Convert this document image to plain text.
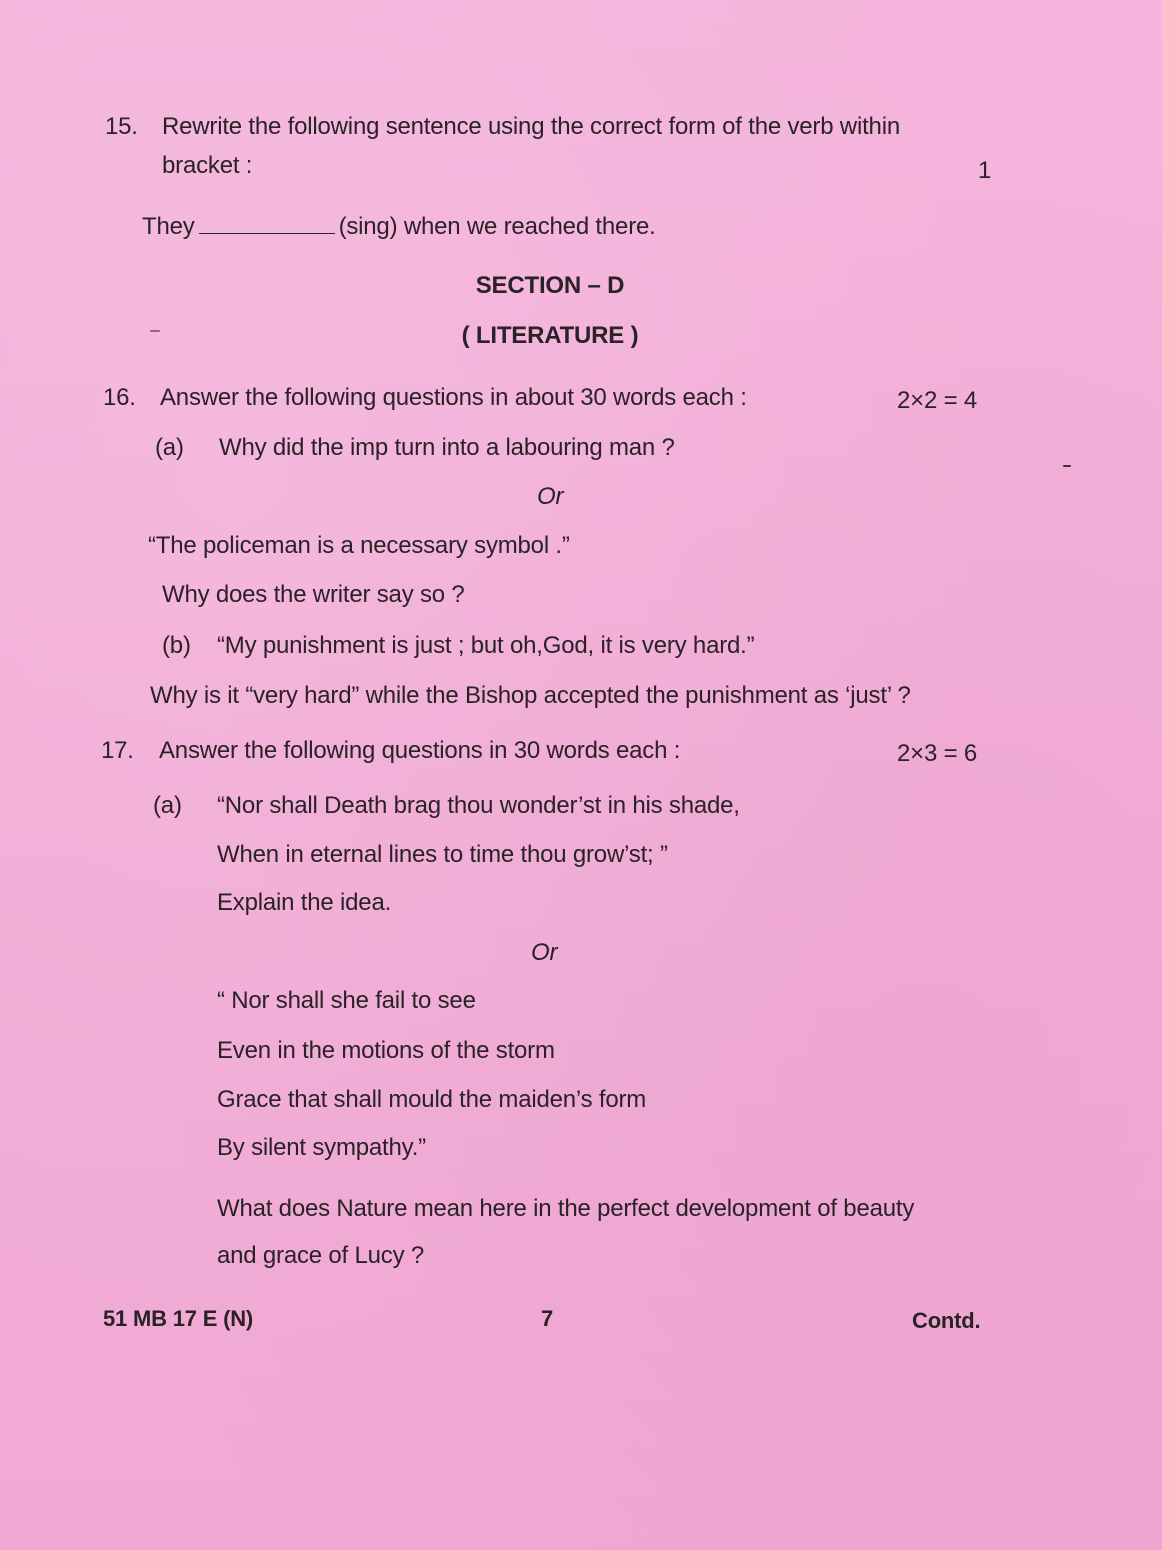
15. Rewrite the following sentence using the correct form of the verb within
bracket :	1
They	(sing) when we reached there.
SECTION – D
( LITERATURE )
16. Answer the following questions in about 30 words each :	2×2 = 4
(a) Why did the imp turn into a labouring man ?
Or
“The policeman is a necessary symbol .”
Why does the writer say so ?
(b) “My punishment is just ; but oh,God, it is very hard.”
Why is it “very hard” while the Bishop accepted the punishment as ‘just’ ?
17. Answer the following questions in 30 words each :	2×3 = 6
(a) “Nor shall Death brag thou wonder’st in his shade,
When in eternal lines to time thou grow’st; ”
Explain the idea.
Or
“ Nor shall she fail to see
Even in the motions of the storm
Grace that shall mould the maiden’s form
By silent sympathy.”
What does Nature mean here in the perfect development of beauty
and grace of Lucy ?
51 MB 17 E (N)	7	Contd.
